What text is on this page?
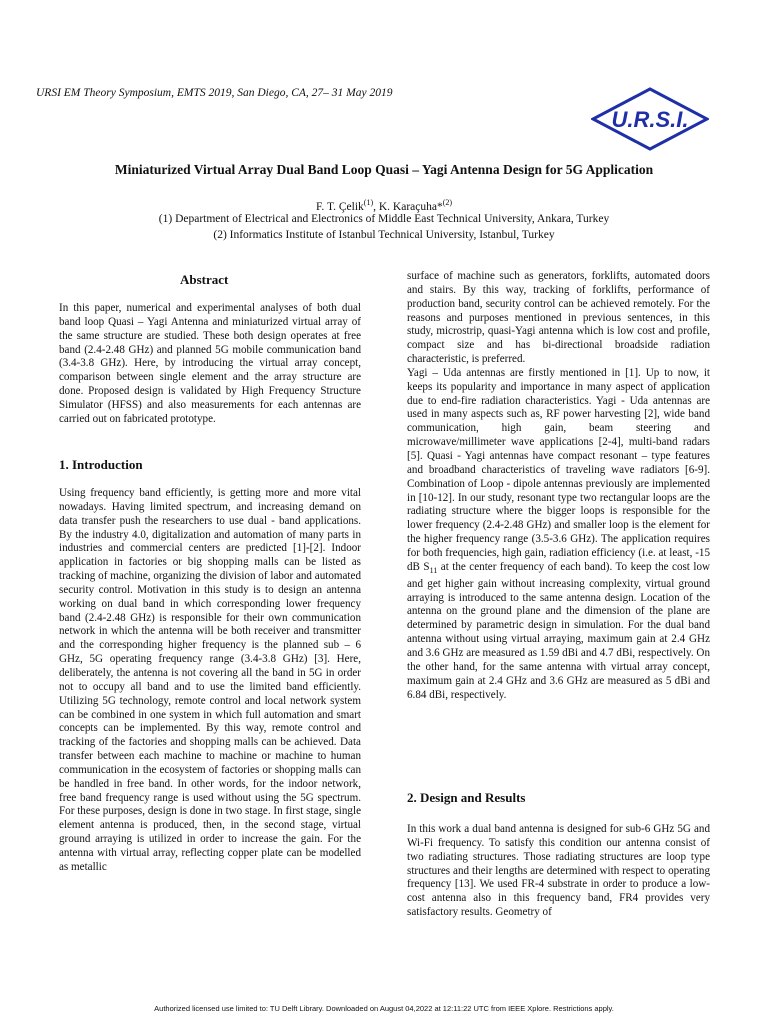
URSI EM Theory Symposium, EMTS 2019, San Diego, CA, 27– 31 May 2019
U.R.S.I.
Miniaturized Virtual Array Dual Band Loop Quasi – Yagi Antenna Design for 5G Application
F. T. Çelik$^{(1)}$, K. Karaçuha*$^{(2)}$
(1) Department of Electrical and Electronics of Middle East Technical University, Ankara, Turkey
(2) Informatics Institute of Istanbul Technical University, Istanbul, Turkey
Abstract

In this paper, numerical and experimental analyses of both dual band loop Quasi – Yagi Antenna and miniaturized virtual array of the same structure are studied. These both design operates at free band (2.4-2.48 GHz) and planned 5G mobile communication band (3.4-3.8 GHz). Here, by introducing the virtual array concept, comparison between single element and the array structure are done. Proposed design is validated by High Frequency Structure Simulator (HFSS) and also measurements for each antennas are carried out on fabricated prototype.

1. Introduction

Using frequency band efficiently, is getting more and more vital nowadays. Having limited spectrum, and increasing demand on data transfer push the researchers to use dual - band applications. By the industry 4.0, digitalization and automation of many parts in industries and commercial centers are predicted [1]-[2]. Indoor application in factories or big shopping malls can be listed as tracking of machine, organizing the division of labor and automated security control. Motivation in this study is to design an antenna working on dual band in which corresponding lower frequency band (2.4-2.48 GHz) is responsible for their own communication network in which the antenna will be both receiver and transmitter and the corresponding higher frequency is the planned sub – 6 GHz, 5G operating frequency range (3.4-3.8 GHz) [3]. Here, deliberately, the antenna is not covering all the band in 5G in order not to occupy all band and to use the limited band efficiently. Utilizing 5G technology, remote control and local network system can be combined in one system in which full automation and smart concepts can be implemented. By this way, remote control and tracking of the factories and shopping malls can be achieved. Data transfer between each machine to machine or machine to human communication in the ecosystem of factories or shopping malls can be handled in free band. In other words, for the indoor network, free band frequency range is used without using the 5G spectrum. For these purposes, design is done in two stage. In first stage, single element antenna is produced, then, in the second stage, virtual ground arraying is utilized in order to increase the gain. For the antenna with virtual array, reflecting copper plate can be modelled as metallic

surface of machine such as generators, forklifts, automated doors and stairs. By this way, tracking of forklifts, performance of production band, security control can be achieved remotely. For the reasons and purposes mentioned in previous sentences, in this study, microstrip, quasi-Yagi antenna which is low cost and profile, compact size and has bi-directional broadside radiation characteristic, is preferred.

Yagi – Uda antennas are firstly mentioned in [1]. Up to now, it keeps its popularity and importance in many aspect of application due to end-fire radiation characteristics. Yagi - Uda antennas are used in many aspects such as, RF power harvesting [2], wide band communication, high gain, beam steering and microwave/millimeter wave applications [2-4], multi-band radars [5]. Quasi - Yagi antennas have compact resonant – type features and broadband characteristics of traveling wave radiators [6-9]. Combination of Loop - dipole antennas previously are implemented in [10-12]. In our study, resonant type two rectangular loops are the radiating structure where the bigger loops is responsible for the lower frequency (2.4-2.48 GHz) and smaller loop is the element for the higher frequency range (3.5-3.6 GHz). The application requires for both frequencies, high gain, radiation efficiency (i.e. at least, -15 dB $S_{11}$ at the center frequency of each band). To keep the cost low and get higher gain without increasing complexity, virtual ground arraying is introduced to the same antenna design. Location of the antenna on the ground plane and the dimension of the plane are determined by parametric design in simulation. For the dual band antenna without using virtual arraying, maximum gain at 2.4 GHz and 3.6 GHz are measured as 1.59 dBi and 4.7 dBi, respectively. On the other hand, for the same antenna with virtual array concept, maximum gain at 2.4 GHz and 3.6 GHz are measured as 5 dBi and 6.84 dBi, respectively.

2. Design and Results

In this work a dual band antenna is designed for sub-6 GHz 5G and Wi-Fi frequency. To satisfy this condition our antenna consist of two radiating structures. Those radiating structures are loop type structures and their lengths are determined with respect to operating frequency [13]. We used FR-4 substrate in order to produce a low-cost antenna also in this frequency band, FR4 provides very satisfactory results. Geometry of

Authorized licensed use limited to: TU Delft Library. Downloaded on August 04,2022 at 12:11:22 UTC from IEEE Xplore. Restrictions apply.
